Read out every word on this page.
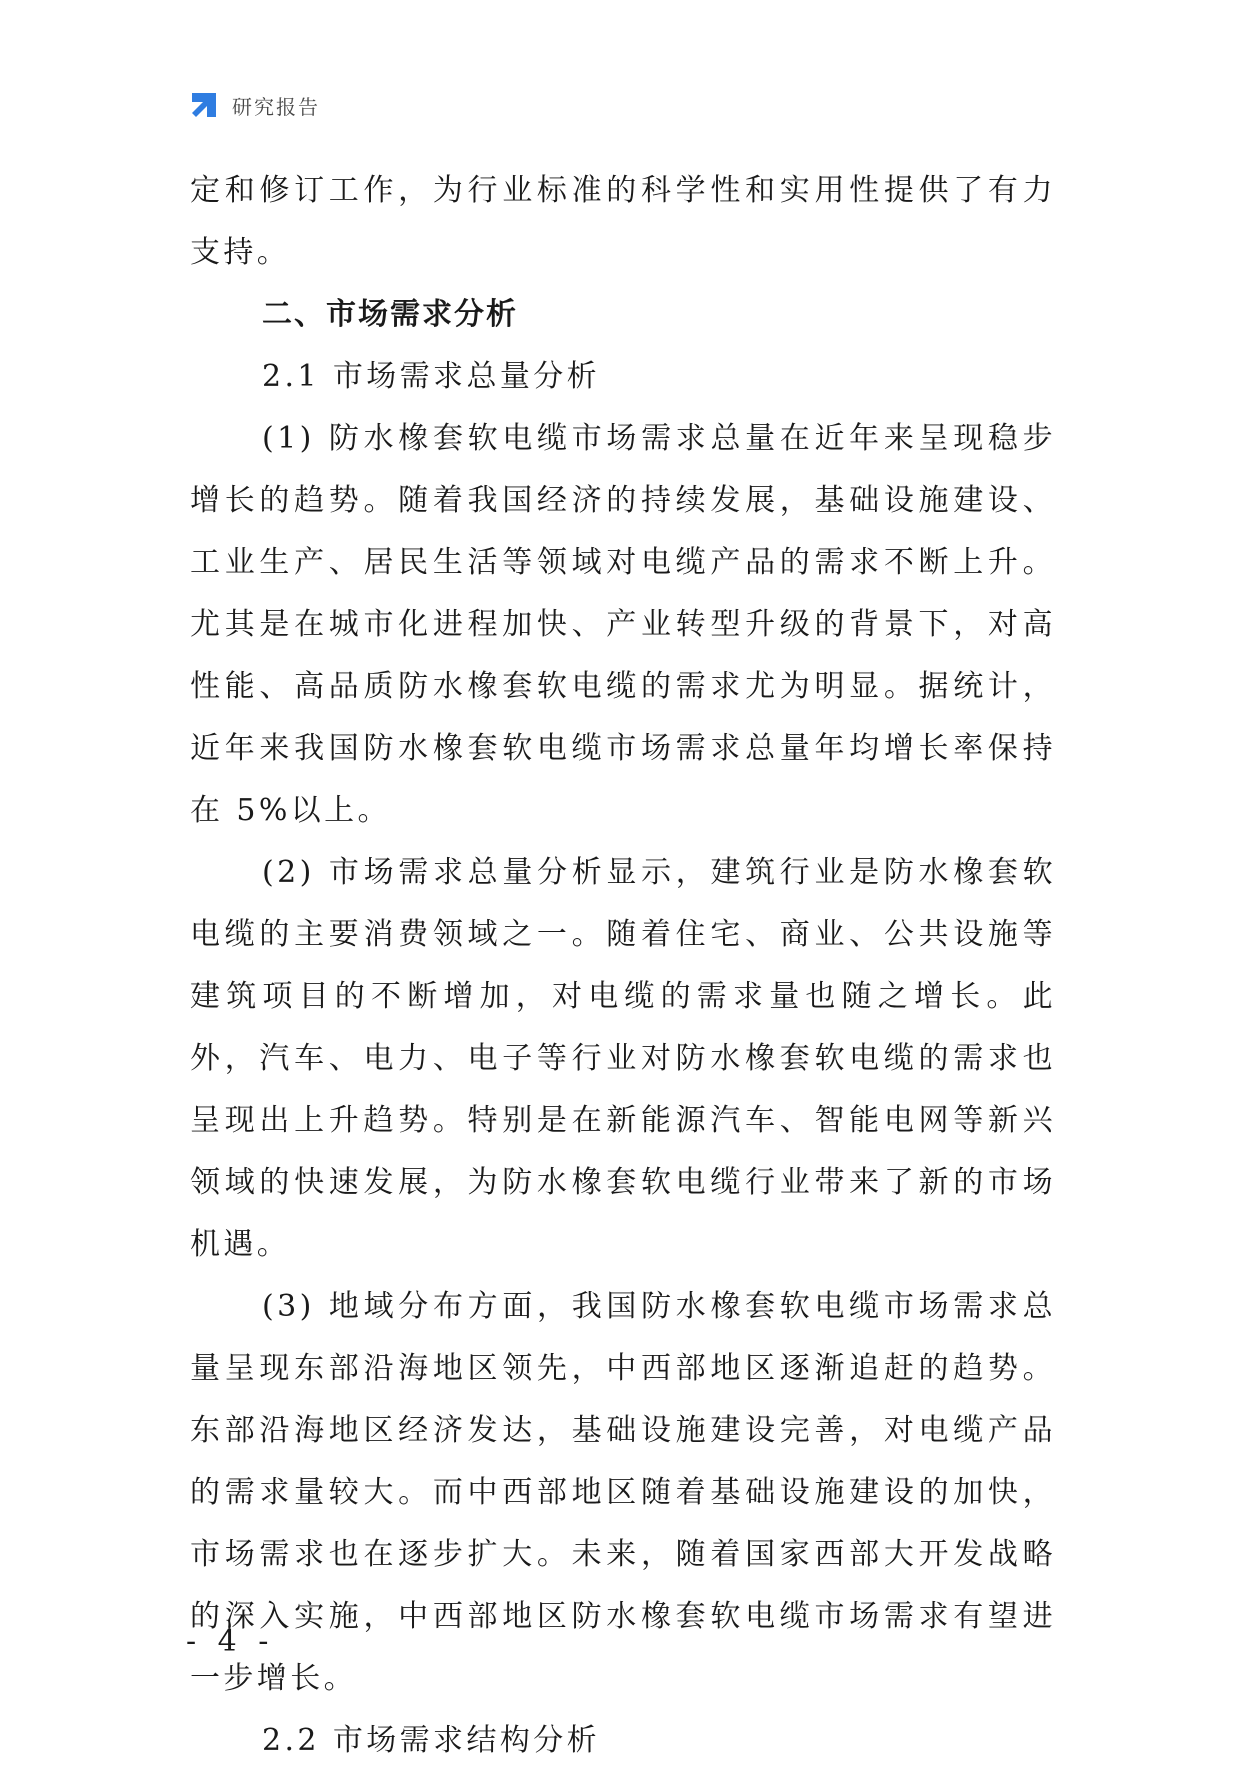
研究报告

定和修订工作，为行业标准的科学性和实用性提供了有力支持。

二、市场需求分析

2.1 市场需求总量分析

(1) 防水橡套软电缆市场需求总量在近年来呈现稳步增长的趋势。随着我国经济的持续发展，基础设施建设、工业生产、居民生活等领域对电缆产品的需求不断上升。尤其是在城市化进程加快、产业转型升级的背景下，对高性能、高品质防水橡套软电缆的需求尤为明显。据统计，近年来我国防水橡套软电缆市场需求总量年均增长率保持在 5%以上。

(2) 市场需求总量分析显示，建筑行业是防水橡套软电缆的主要消费领域之一。随着住宅、商业、公共设施等建筑项目的不断增加，对电缆的需求量也随之增长。此外，汽车、电力、电子等行业对防水橡套软电缆的需求也呈现出上升趋势。特别是在新能源汽车、智能电网等新兴领域的快速发展，为防水橡套软电缆行业带来了新的市场机遇。

(3) 地域分布方面，我国防水橡套软电缆市场需求总量呈现东部沿海地区领先，中西部地区逐渐追赶的趋势。东部沿海地区经济发达，基础设施建设完善，对电缆产品的需求量较大。而中西部地区随着基础设施建设的加快，市场需求也在逐步扩大。未来，随着国家西部大开发战略的深入实施，中西部地区防水橡套软电缆市场需求有望进一步增长。

2.2 市场需求结构分析

- 4 -
